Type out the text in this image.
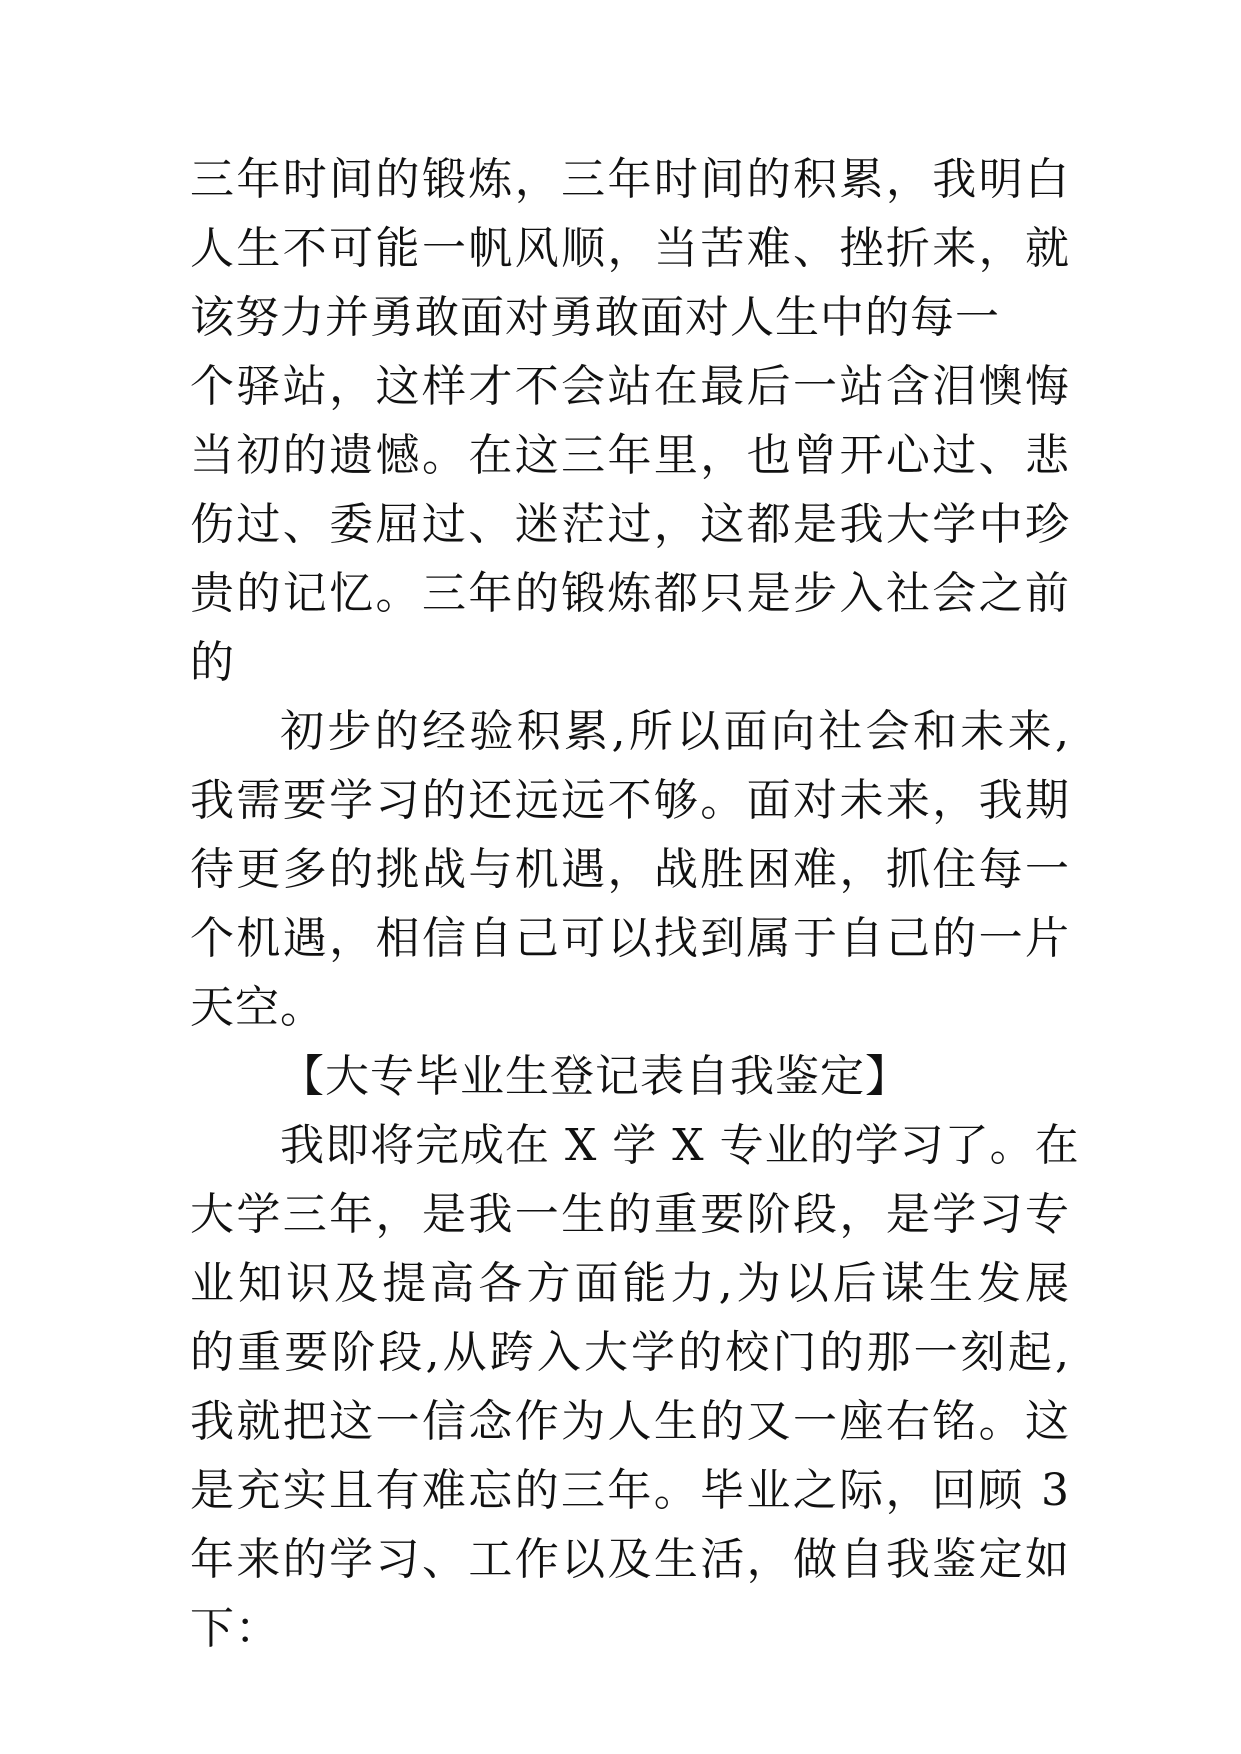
三年时间的锻炼，三年时间的积累，我明白
人生不可能一帆风顺，当苦难、挫折来，就
该努力并勇敢面对勇敢面对人生中的每一
个驿站，这样才不会站在最后一站含泪懊悔
当初的遗憾。在这三年里，也曾开心过、悲
伤过、委屈过、迷茫过，这都是我大学中珍
贵的记忆。三年的锻炼都只是步入社会之前
的
初步的经验积累,所以面向社会和未来,
我需要学习的还远远不够。面对未来，我期
待更多的挑战与机遇，战胜困难，抓住每一
个机遇，相信自己可以找到属于自己的一片
天空。
【大专毕业生登记表自我鉴定】
我即将完成在 X 学 X 专业的学习了。在
大学三年，是我一生的重要阶段，是学习专
业知识及提高各方面能力,为以后谋生发展
的重要阶段,从跨入大学的校门的那一刻起,
我就把这一信念作为人生的又一座右铭。这
是充实且有难忘的三年。毕业之际，回顾 3
年来的学习、工作以及生活，做自我鉴定如
下：
